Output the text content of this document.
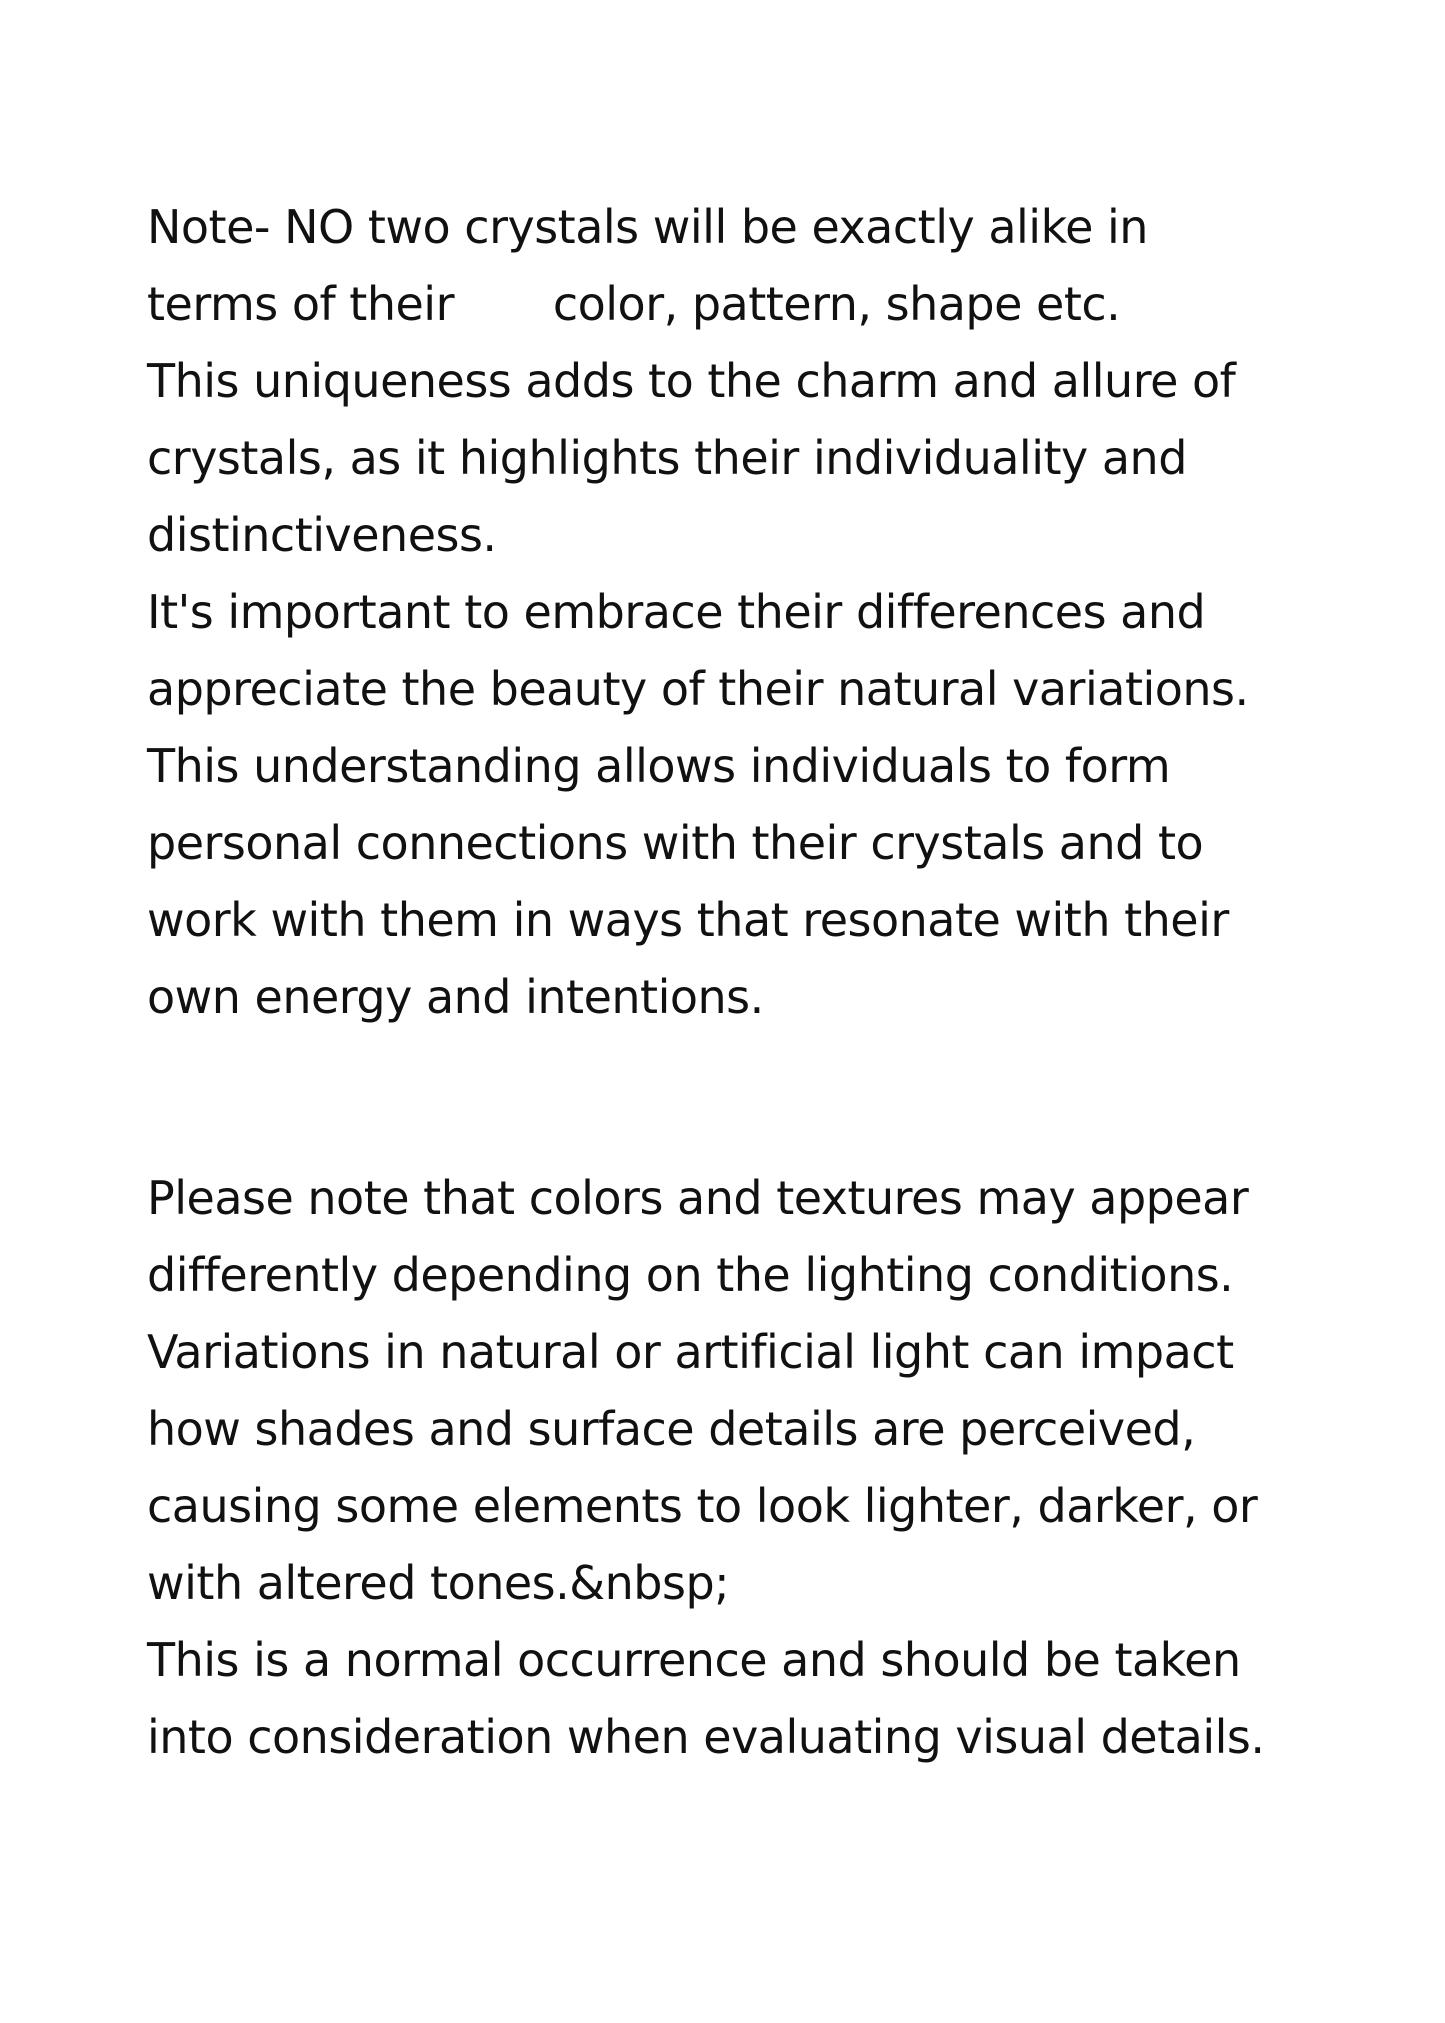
Note- NO two crystals will be exactly alike in
terms of their       color, pattern, shape etc.
This uniqueness adds to the charm and allure of
crystals, as it highlights their individuality and
distinctiveness.
It's important to embrace their differences and
appreciate the beauty of their natural variations.
This understanding allows individuals to form
personal connections with their crystals and to
work with them in ways that resonate with their
own energy and intentions.
Please note that colors and textures may appear
differently depending on the lighting conditions.
Variations in natural or artificial light can impact
how shades and surface details are perceived,
causing some elements to look lighter, darker, or
with altered tones.&nbsp;
This is a normal occurrence and should be taken
into consideration when evaluating visual details.
